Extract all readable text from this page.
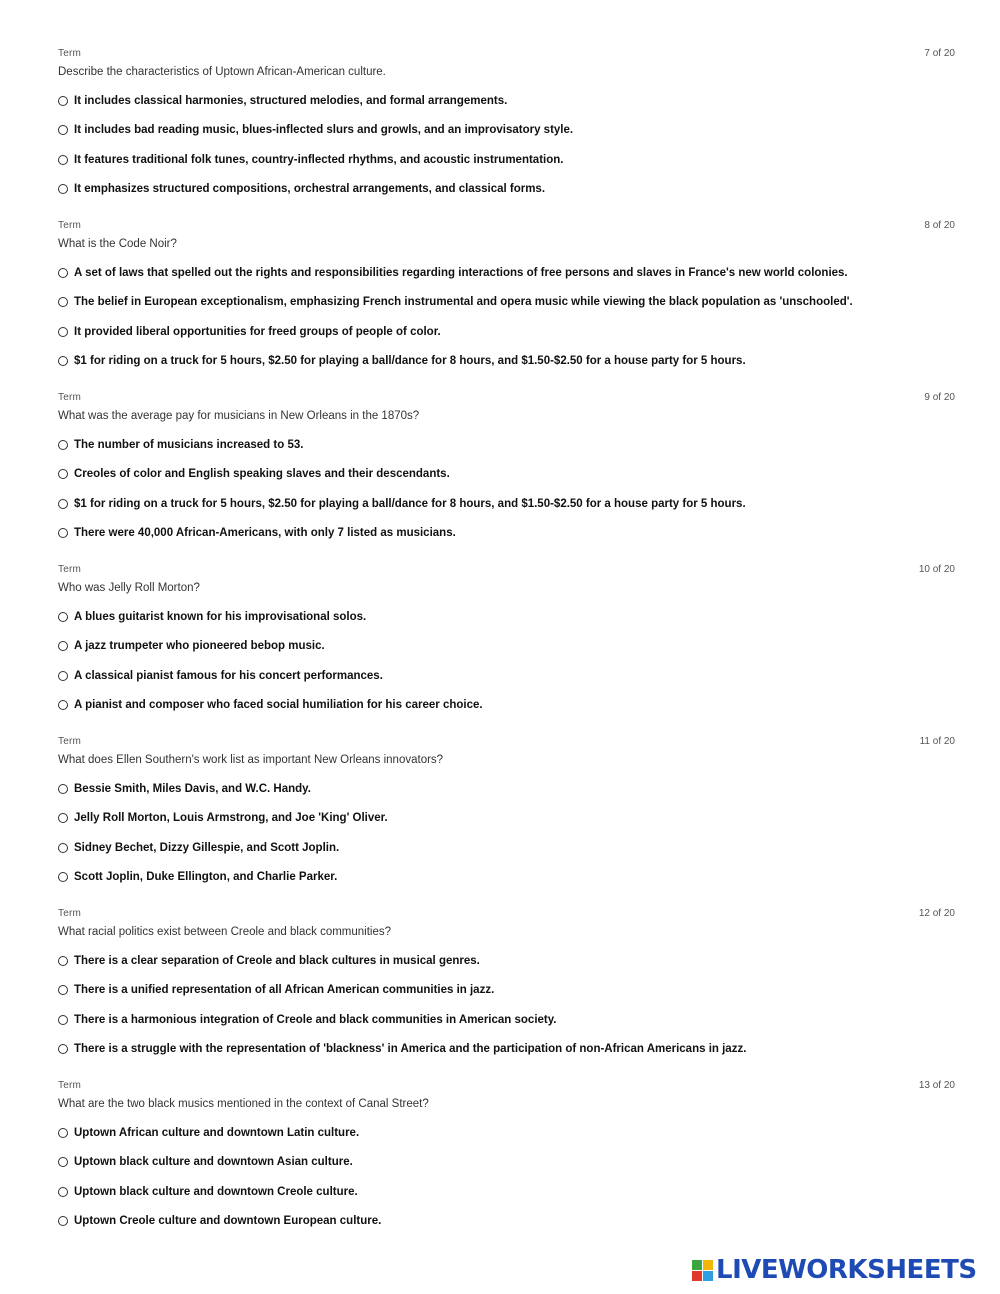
Term	7 of 20
Describe the characteristics of Uptown African-American culture.
It includes classical harmonies, structured melodies, and formal arrangements.
It includes bad reading music, blues-inflected slurs and growls, and an improvisatory style.
It features traditional folk tunes, country-inflected rhythms, and acoustic instrumentation.
It emphasizes structured compositions, orchestral arrangements, and classical forms.
Term	8 of 20
What is the Code Noir?
A set of laws that spelled out the rights and responsibilities regarding interactions of free persons and slaves in France's new world colonies.
The belief in European exceptionalism, emphasizing French instrumental and opera music while viewing the black population as 'unschooled'.
It provided liberal opportunities for freed groups of people of color.
$1 for riding on a truck for 5 hours, $2.50 for playing a ball/dance for 8 hours, and $1.50-$2.50 for a house party for 5 hours.
Term	9 of 20
What was the average pay for musicians in New Orleans in the 1870s?
The number of musicians increased to 53.
Creoles of color and English speaking slaves and their descendants.
$1 for riding on a truck for 5 hours, $2.50 for playing a ball/dance for 8 hours, and $1.50-$2.50 for a house party for 5 hours.
There were 40,000 African-Americans, with only 7 listed as musicians.
Term	10 of 20
Who was Jelly Roll Morton?
A blues guitarist known for his improvisational solos.
A jazz trumpeter who pioneered bebop music.
A classical pianist famous for his concert performances.
A pianist and composer who faced social humiliation for his career choice.
Term	11 of 20
What does Ellen Southern's work list as important New Orleans innovators?
Bessie Smith, Miles Davis, and W.C. Handy.
Jelly Roll Morton, Louis Armstrong, and Joe 'King' Oliver.
Sidney Bechet, Dizzy Gillespie, and Scott Joplin.
Scott Joplin, Duke Ellington, and Charlie Parker.
Term	12 of 20
What racial politics exist between Creole and black communities?
There is a clear separation of Creole and black cultures in musical genres.
There is a unified representation of all African American communities in jazz.
There is a harmonious integration of Creole and black communities in American society.
There is a struggle with the representation of 'blackness' in America and the participation of non-African Americans in jazz.
Term	13 of 20
What are the two black musics mentioned in the context of Canal Street?
Uptown African culture and downtown Latin culture.
Uptown black culture and downtown Asian culture.
Uptown black culture and downtown Creole culture.
Uptown Creole culture and downtown European culture.
LIVEWORKSHEETS
